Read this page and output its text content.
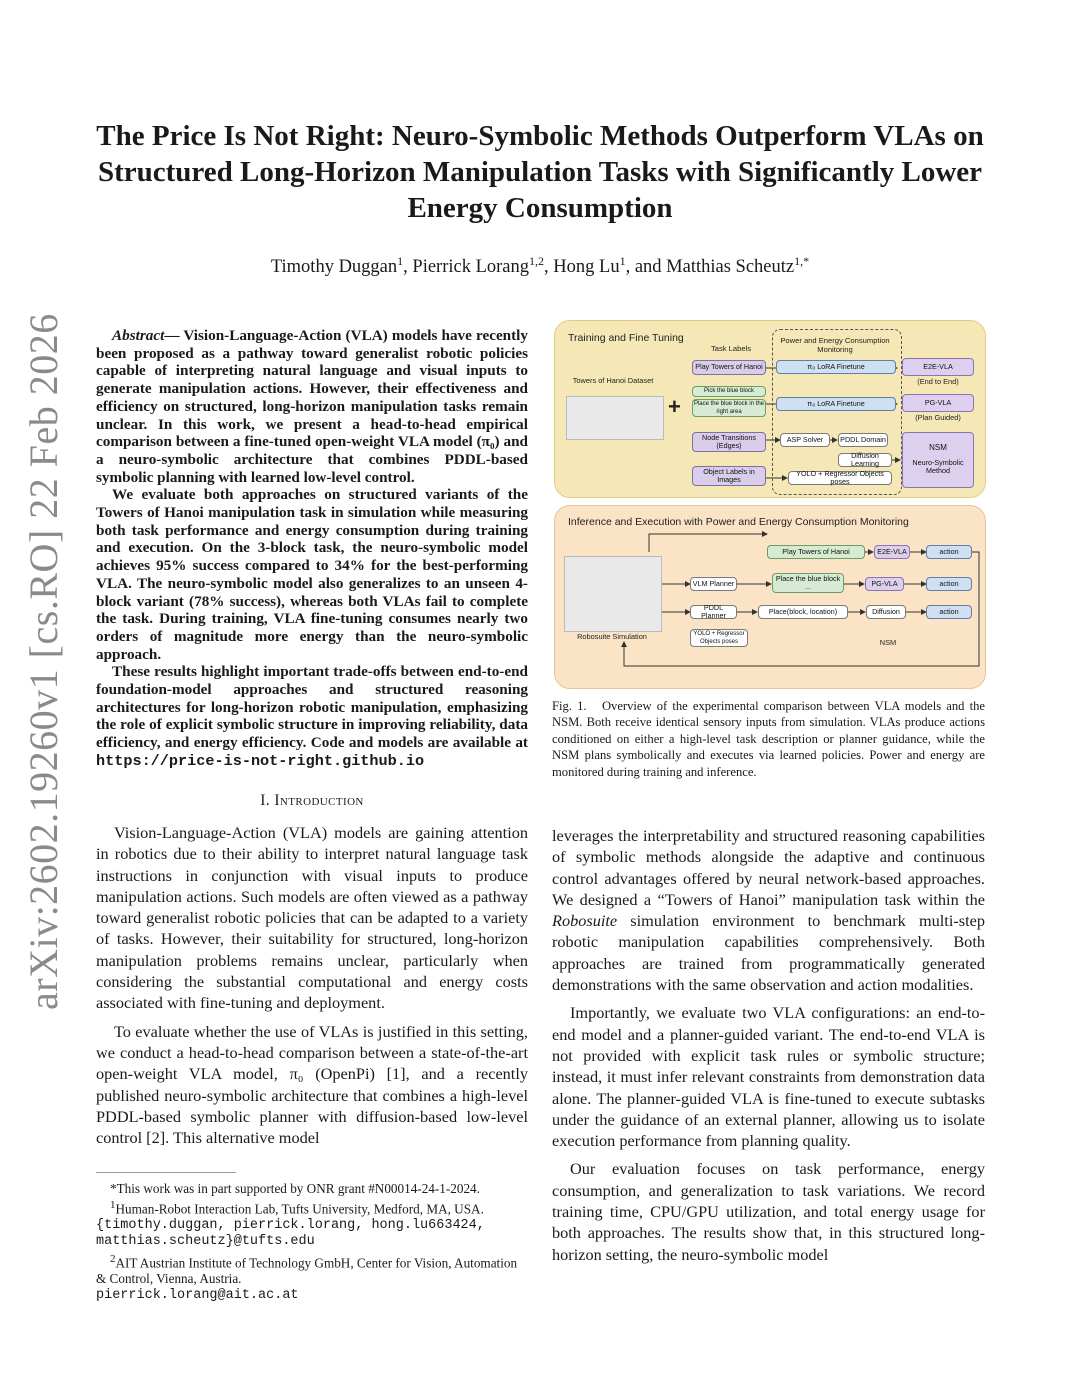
arXiv:2602.19260v1 [cs.RO] 22 Feb 2026
The Price Is Not Right: Neuro-Symbolic Methods Outperform VLAs on Structured Long-Horizon Manipulation Tasks with Significantly Lower Energy Consumption
Timothy Duggan$^1$, Pierrick Lorang$^{1,2}$, Hong Lu$^1$, and Matthias Scheutz$^{1,*}$

Abstract— Vision-Language-Action (VLA) models have recently been proposed as a pathway toward generalist robotic policies capable of interpreting natural language and visual inputs to generate manipulation actions. However, their effectiveness and efficiency on structured, long-horizon manipulation tasks remain unclear. In this work, we present a head-to-head empirical comparison between a fine-tuned open-weight VLA model (π₀) and a neuro-symbolic architecture that combines PDDL-based symbolic planning with learned low-level control.

We evaluate both approaches on structured variants of the Towers of Hanoi manipulation task in simulation while measuring both task performance and energy consumption during training and execution. On the 3-block task, the neuro-symbolic model achieves 95% success compared to 34% for the best-performing VLA. The neuro-symbolic model also generalizes to an unseen 4-block variant (78% success), whereas both VLAs fail to complete the task. During training, VLA fine-tuning consumes nearly two orders of magnitude more energy than the neuro-symbolic approach.

These results highlight important trade-offs between end-to-end foundation-model approaches and structured reasoning architectures for long-horizon robotic manipulation, emphasizing the role of explicit symbolic structure in improving reliability, data efficiency, and energy efficiency. Code and models are available at https://price-is-not-right.github.io

I. Introduction

Vision-Language-Action (VLA) models are gaining attention in robotics due to their ability to interpret natural language task instructions in conjunction with visual inputs to produce manipulation actions. Such models are often viewed as a pathway toward generalist robotic policies that can be adapted to a variety of tasks. However, their suitability for structured, long-horizon manipulation problems remains unclear, particularly when considering the substantial computational and energy costs associated with fine-tuning and deployment.

To evaluate whether the use of VLAs is justified in this setting, we conduct a head-to-head comparison between a state-of-the-art open-weight VLA model, π₀ (OpenPi) [1], and a recently published neuro-symbolic architecture that combines a high-level PDDL-based symbolic planner with diffusion-based low-level control [2]. This alternative model

*This work was in part supported by ONR grant #N00014-24-1-2024.

$^1$Human-Robot Interaction Lab, Tufts University, Medford, MA, USA.

{timothy.duggan, pierrick.lorang, hong.lu663424, matthias.scheutz}@tufts.edu

$^2$AIT Austrian Institute of Technology GmbH, Center for Vision, Automation & Control, Vienna, Austria.

pierrick.lorang@ait.ac.at

leverages the interpretability and structured reasoning capabilities of symbolic methods alongside the adaptive and continuous control advantages offered by neural network-based approaches. We designed a “Towers of Hanoi” manipulation task within the Robosuite simulation environment to benchmark multi-step robotic manipulation capabilities comprehensively. Both approaches are trained from programmatically generated demonstrations with the same observation and action modalities.

Importantly, we evaluate two VLA configurations: an end-to-end model and a planner-guided variant. The end-to-end VLA is not provided with explicit task rules or symbolic structure; instead, it must infer relevant constraints from demonstration data alone. The planner-guided VLA is fine-tuned to execute subtasks under the guidance of an external planner, allowing us to isolate execution performance from planning quality.

Our evaluation focuses on task performance, energy consumption, and generalization to task variations. We record training time, CPU/GPU utilization, and total energy usage for both approaches. The results show that, in this structured long-horizon setting, the neuro-symbolic model

Training and Fine Tuning
Task Labels
Power and Energy Consumption Monitoring
Towers of Hanoi Dataset
+
Play Towers of Hanoi
Pick the blue block
Place the blue block in the right area
Node Transitions (Edges)
Object Labels in Images
π₀ LoRA Finetune
π₀ LoRA Finetune
ASP Solver	PDDL Domain
Diffusion Learning
YOLO + Regressor Objects poses
E2E-VLA
(End to End)
PG-VLA
(Plan Guided)
NSM
Neuro-Symbolic Method
Inference and Execution with Power and Energy Consumption Monitoring
Robosuite Simulation
Play Towers of Hanoi	E2E-VLA
VLM Planner
Place the blue block ...	PG-VLA
PDDL Planner	Place(block, location)	Diffusion
YOLO + Regressor Objects poses	NSM
action
action
action
Fig. 1. Overview of the experimental comparison between VLA models and the NSM. Both receive identical sensory inputs from simulation. VLAs produce actions conditioned on either a high-level task description or planner guidance, while the NSM plans symbolically and executes via learned policies. Power and energy are monitored during training and inference.
